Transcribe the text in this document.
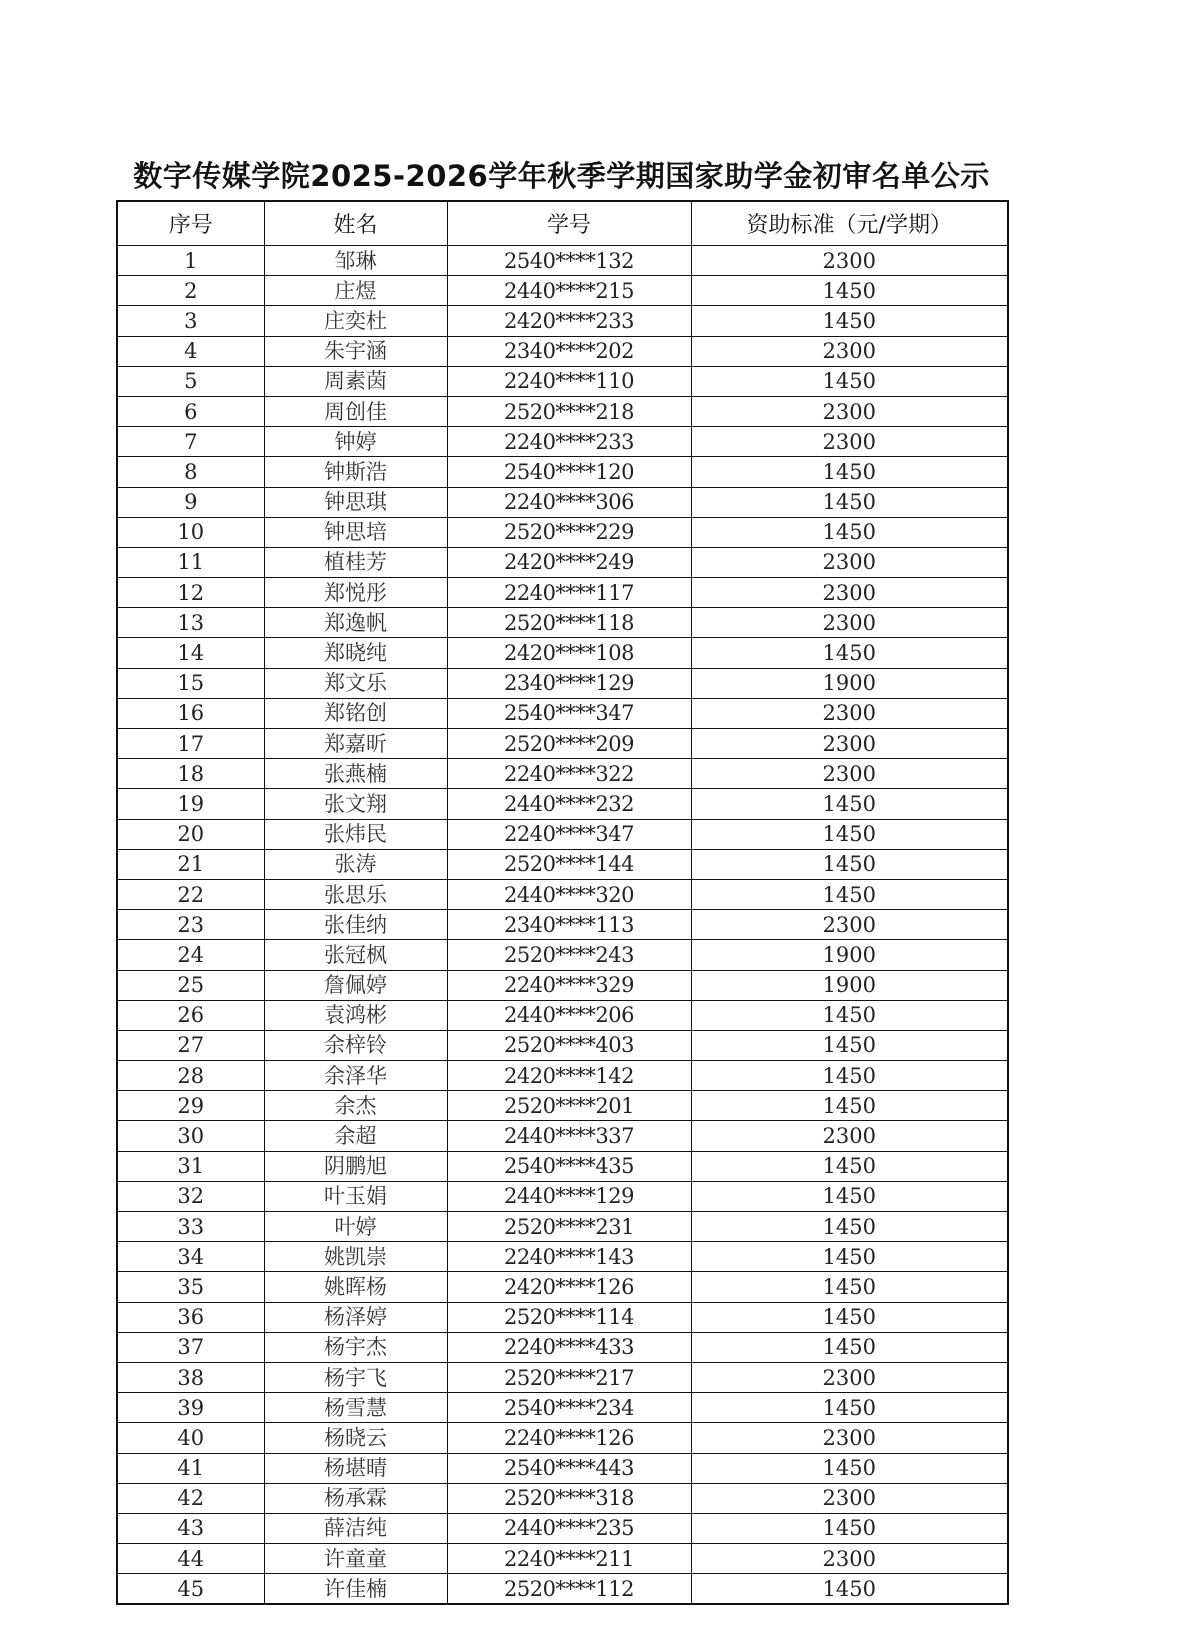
数字传媒学院2025-2026学年秋季学期国家助学金初审名单公示
序号	姓名	学号	资助标准（元/学期）
1	邹琳	2540****132	2300
2	庄煜	2440****215	1450
3	庄奕杜	2420****233	1450
4	朱宇涵	2340****202	2300
5	周素茵	2240****110	1450
6	周创佳	2520****218	2300
7	钟婷	2240****233	2300
8	钟斯浩	2540****120	1450
9	钟思琪	2240****306	1450
10	钟思培	2520****229	1450
11	植桂芳	2420****249	2300
12	郑悦彤	2240****117	2300
13	郑逸帆	2520****118	2300
14	郑晓纯	2420****108	1450
15	郑文乐	2340****129	1900
16	郑铭创	2540****347	2300
17	郑嘉昕	2520****209	2300
18	张燕楠	2240****322	2300
19	张文翔	2440****232	1450
20	张炜民	2240****347	1450
21	张涛	2520****144	1450
22	张思乐	2440****320	1450
23	张佳纳	2340****113	2300
24	张冠枫	2520****243	1900
25	詹佩婷	2240****329	1900
26	袁鸿彬	2440****206	1450
27	余梓铃	2520****403	1450
28	余泽华	2420****142	1450
29	余杰	2520****201	1450
30	余超	2440****337	2300
31	阴鹏旭	2540****435	1450
32	叶玉娟	2440****129	1450
33	叶婷	2520****231	1450
34	姚凯崇	2240****143	1450
35	姚晖杨	2420****126	1450
36	杨泽婷	2520****114	1450
37	杨宇杰	2240****433	1450
38	杨宇飞	2520****217	2300
39	杨雪慧	2540****234	1450
40	杨晓云	2240****126	2300
41	杨堪晴	2540****443	1450
42	杨承霖	2520****318	2300
43	薛洁纯	2440****235	1450
44	许童童	2240****211	2300
45	许佳楠	2520****112	1450
